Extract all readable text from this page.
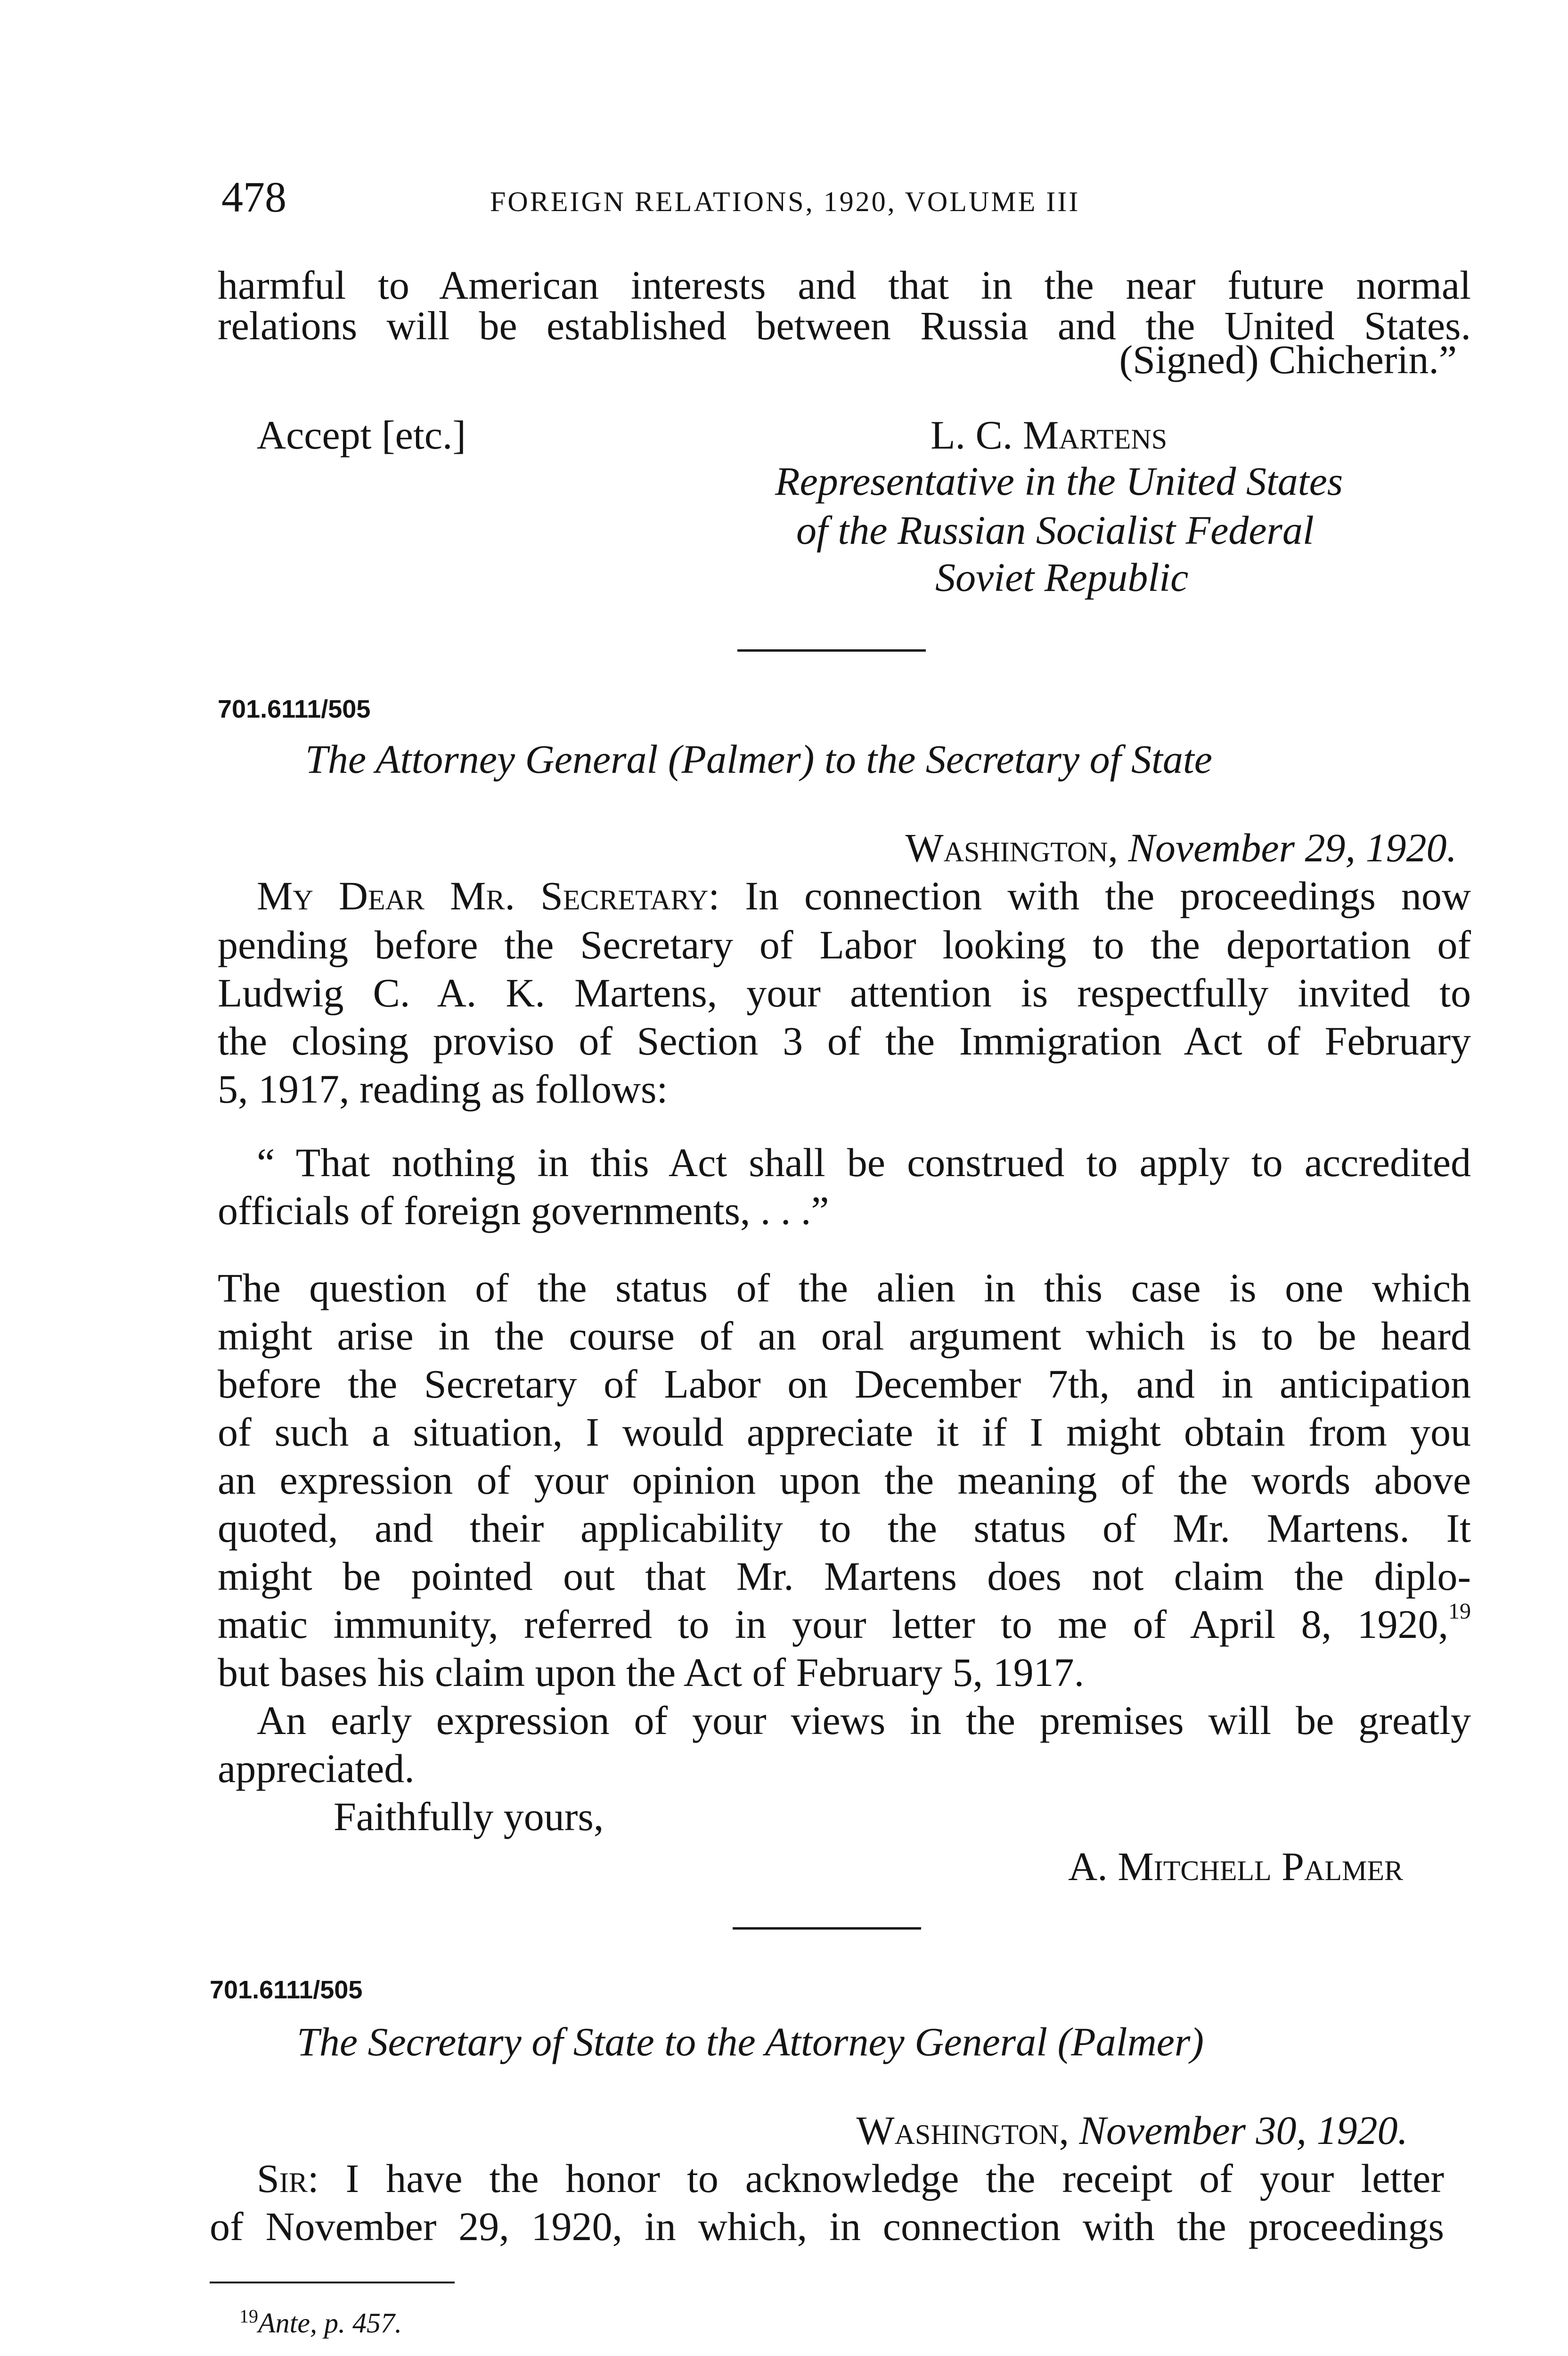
478	FOREIGN RELATIONS, 1920, VOLUME III
harmful to American interests and that in the near future normal
relations will be established between Russia and the United States.
(Signed) Chicherin.”
Accept [etc.]	L. C. Martens
Representative in the United States
of the Russian Socialist Federal
Soviet Republic
701.6111/505
The Attorney General (Palmer) to the Secretary of State
Washington, November 29, 1920.
My Dear Mr. Secretary: In connection with the proceedings now
pending before the Secretary of Labor looking to the deportation of
Ludwig C. A. K. Martens, your attention is respectfully invited to
the closing proviso of Section 3 of the Immigration Act of February
5, 1917, reading as follows:
“ That nothing in this Act shall be construed to apply to accredited
officials of foreign governments, . . .”
The question of the status of the alien in this case is one which
might arise in the course of an oral argument which is to be heard
before the Secretary of Labor on December 7th, and in anticipation
of such a situation, I would appreciate it if I might obtain from you
an expression of your opinion upon the meaning of the words above
quoted, and their applicability to the status of Mr. Martens. It
might be pointed out that Mr. Martens does not claim the diplo-
matic immunity, referred to in your letter to me of April 8, 1920,19
but bases his claim upon the Act of February 5, 1917.
An early expression of your views in the premises will be greatly
appreciated.
Faithfully yours,
A. Mitchell Palmer
701.6111/505
The Secretary of State to the Attorney General (Palmer)
Washington, November 30, 1920.
Sir: I have the honor to acknowledge the receipt of your letter
of November 29, 1920, in which, in connection with the proceedings
$^{19}$Ante, p. 457.
